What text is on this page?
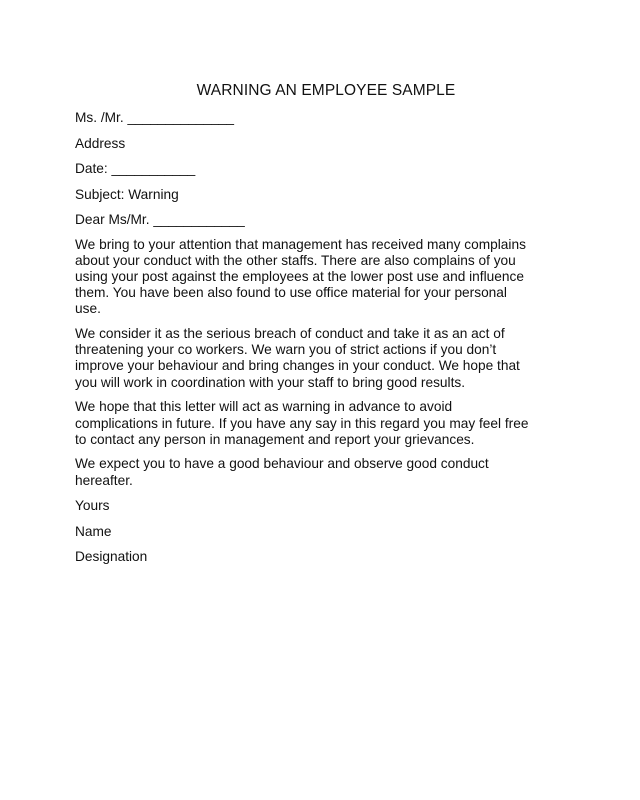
WARNING AN EMPLOYEE SAMPLE
Ms. /Mr. ______________
Address
Date: ___________
Subject: Warning
Dear Ms/Mr. ____________
We bring to your attention that management has received many complains
about your conduct with the other staffs. There are also complains of you
using your post against the employees at the lower post use and influence
them. You have been also found to use office material for your personal
use.
We consider it as the serious breach of conduct and take it as an act of
threatening your co workers. We warn you of strict actions if you don’t
improve your behaviour and bring changes in your conduct. We hope that
you will work in coordination with your staff to bring good results.
We hope that this letter will act as warning in advance to avoid
complications in future. If you have any say in this regard you may feel free
to contact any person in management and report your grievances.
We expect you to have a good behaviour and observe good conduct
hereafter.
Yours
Name
Designation
